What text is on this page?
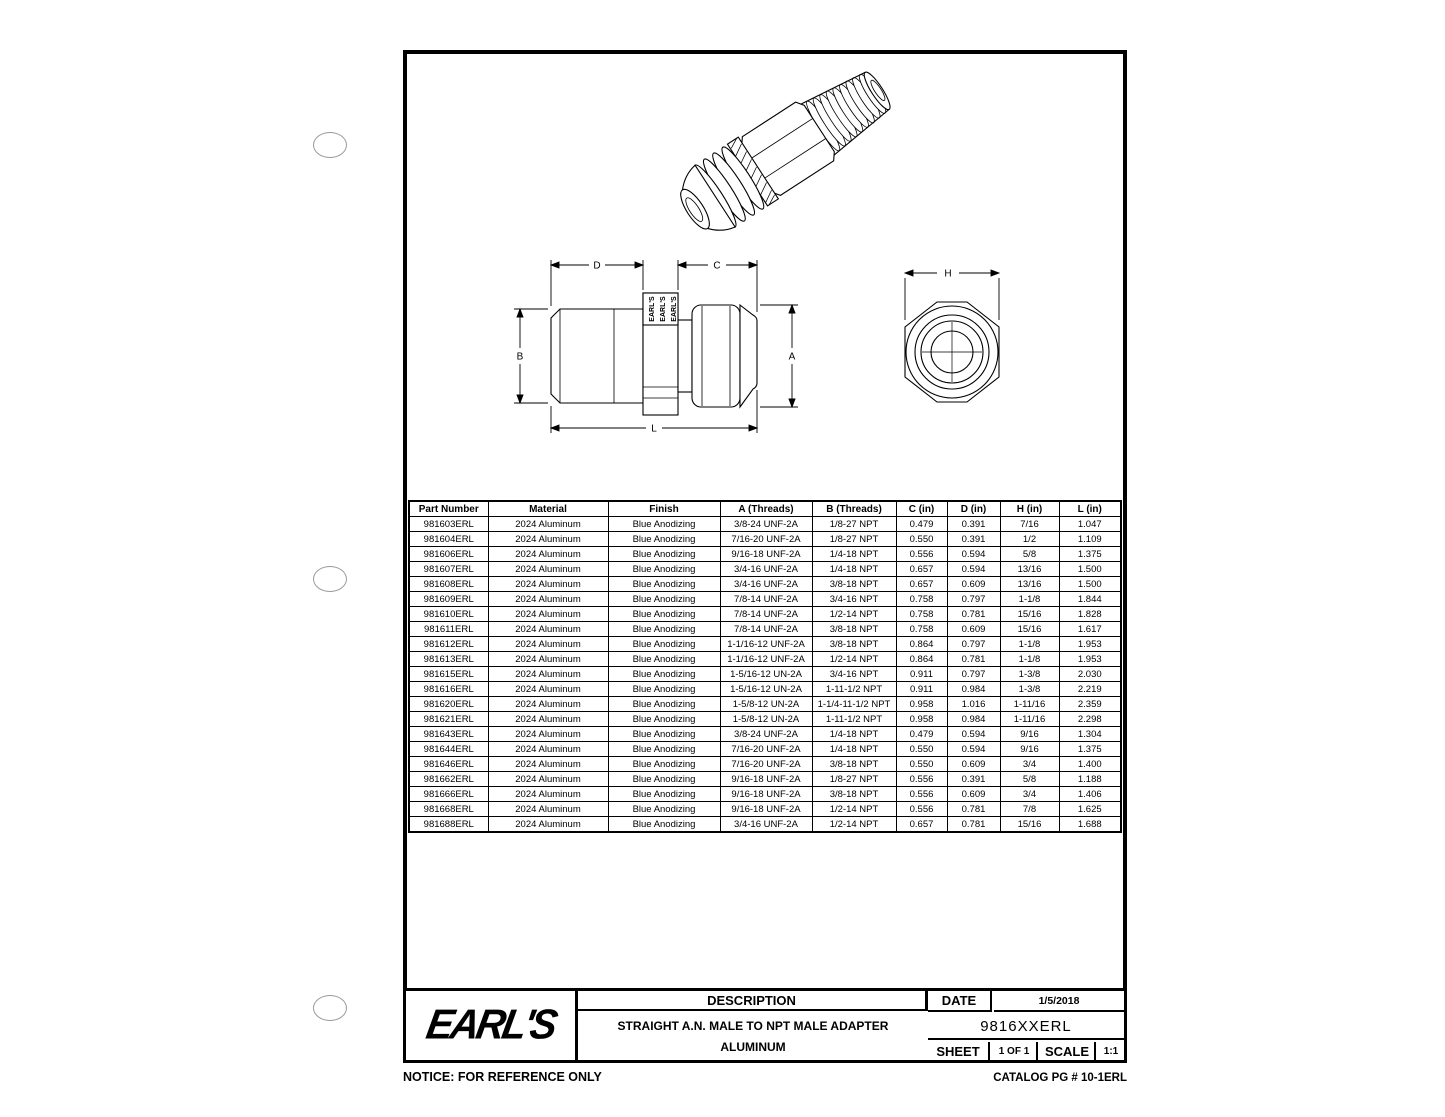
EARL'S EARL'S EARL'S
D	C
B	A
L
H
Part Number	Material	Finish	A (Threads)	B (Threads)	C (in)	D (in)	H (in)	L (in)
981603ERL	2024 Aluminum	Blue Anodizing	3/8-24 UNF-2A	1/8-27 NPT	0.479	0.391	7/16	1.047
981604ERL	2024 Aluminum	Blue Anodizing	7/16-20 UNF-2A	1/8-27 NPT	0.550	0.391	1/2	1.109
981606ERL	2024 Aluminum	Blue Anodizing	9/16-18 UNF-2A	1/4-18 NPT	0.556	0.594	5/8	1.375
981607ERL	2024 Aluminum	Blue Anodizing	3/4-16 UNF-2A	1/4-18 NPT	0.657	0.594	13/16	1.500
981608ERL	2024 Aluminum	Blue Anodizing	3/4-16 UNF-2A	3/8-18 NPT	0.657	0.609	13/16	1.500
981609ERL	2024 Aluminum	Blue Anodizing	7/8-14 UNF-2A	3/4-16 NPT	0.758	0.797	1-1/8	1.844
981610ERL	2024 Aluminum	Blue Anodizing	7/8-14 UNF-2A	1/2-14 NPT	0.758	0.781	15/16	1.828
981611ERL	2024 Aluminum	Blue Anodizing	7/8-14 UNF-2A	3/8-18 NPT	0.758	0.609	15/16	1.617
981612ERL	2024 Aluminum	Blue Anodizing	1-1/16-12 UNF-2A	3/8-18 NPT	0.864	0.797	1-1/8	1.953
981613ERL	2024 Aluminum	Blue Anodizing	1-1/16-12 UNF-2A	1/2-14 NPT	0.864	0.781	1-1/8	1.953
981615ERL	2024 Aluminum	Blue Anodizing	1-5/16-12 UN-2A	3/4-16 NPT	0.911	0.797	1-3/8	2.030
981616ERL	2024 Aluminum	Blue Anodizing	1-5/16-12 UN-2A	1-11-1/2 NPT	0.911	0.984	1-3/8	2.219
981620ERL	2024 Aluminum	Blue Anodizing	1-5/8-12 UN-2A	1-1/4-11-1/2 NPT	0.958	1.016	1-11/16	2.359
981621ERL	2024 Aluminum	Blue Anodizing	1-5/8-12 UN-2A	1-11-1/2 NPT	0.958	0.984	1-11/16	2.298
981643ERL	2024 Aluminum	Blue Anodizing	3/8-24 UNF-2A	1/4-18 NPT	0.479	0.594	9/16	1.304
981644ERL	2024 Aluminum	Blue Anodizing	7/16-20 UNF-2A	1/4-18 NPT	0.550	0.594	9/16	1.375
981646ERL	2024 Aluminum	Blue Anodizing	7/16-20 UNF-2A	3/8-18 NPT	0.550	0.609	3/4	1.400
981662ERL	2024 Aluminum	Blue Anodizing	9/16-18 UNF-2A	1/8-27 NPT	0.556	0.391	5/8	1.188
981666ERL	2024 Aluminum	Blue Anodizing	9/16-18 UNF-2A	3/8-18 NPT	0.556	0.609	3/4	1.406
981668ERL	2024 Aluminum	Blue Anodizing	9/16-18 UNF-2A	1/2-14 NPT	0.556	0.781	7/8	1.625
981688ERL	2024 Aluminum	Blue Anodizing	3/4-16 UNF-2A	1/2-14 NPT	0.657	0.781	15/16	1.688
EARL'S
DESCRIPTION
STRAIGHT A.N. MALE TO NPT MALE ADAPTER
ALUMINUM
DATE	1/5/2018
9816XXERL
SHEET	1 OF 1	SCALE	1:1
NOTICE: FOR REFERENCE ONLY	CATALOG PG # 10-1ERL
